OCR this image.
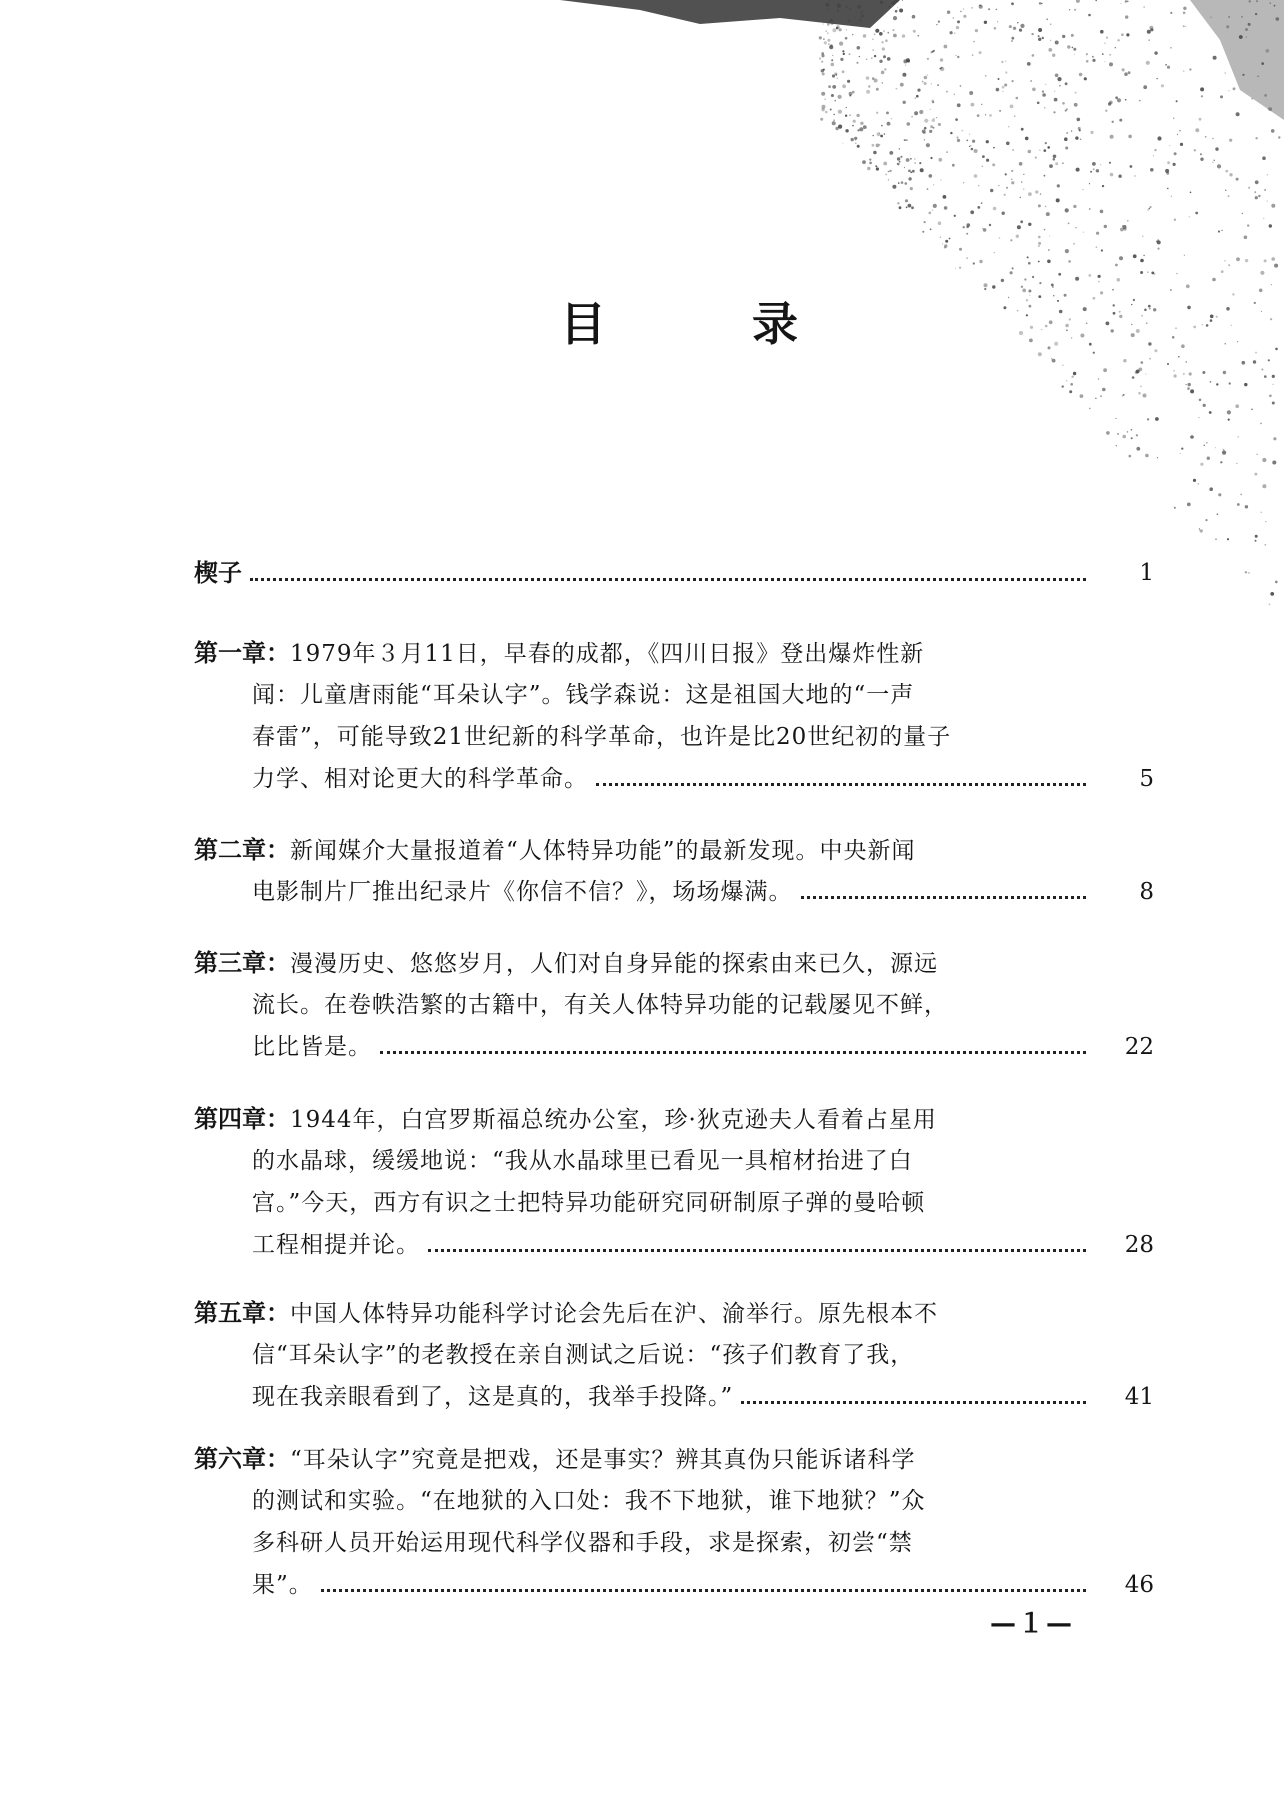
目	录
楔子	1
第一章： 1979年３月11日，早春的成都，《四川日报》登出爆炸性新
闻：儿童唐雨能“耳朵认字”。钱学森说：这是祖国大地的“一声
春雷”，可能导致21世纪新的科学革命，也许是比20世纪初的量子
力学、相对论更大的科学革命。	5
第二章： 新闻媒介大量报道着“人体特异功能”的最新发现。中央新闻
电影制片厂推出纪录片《你信不信？》，场场爆满。	8
第三章： 漫漫历史、悠悠岁月，人们对自身异能的探索由来已久，源远
流长。在卷帙浩繁的古籍中，有关人体特异功能的记载屡见不鲜，
比比皆是。	22
第四章： 1944年，白宫罗斯福总统办公室，珍·狄克逊夫人看着占星用
的水晶球，缓缓地说：“我从水晶球里已看见一具棺材抬进了白
宫。”今天，西方有识之士把特异功能研究同研制原子弹的曼哈顿
工程相提并论。	28
第五章： 中国人体特异功能科学讨论会先后在沪、渝举行。原先根本不
信“耳朵认字”的老教授在亲自测试之后说：“孩子们教育了我，
现在我亲眼看到了，这是真的，我举手投降。”	41
第六章： “耳朵认字”究竟是把戏，还是事实？辨其真伪只能诉诸科学
的测试和实验。“在地狱的入口处：我不下地狱，谁下地狱？”众
多科研人员开始运用现代科学仪器和手段，求是探索，初尝“禁
果”。	46
—１—
